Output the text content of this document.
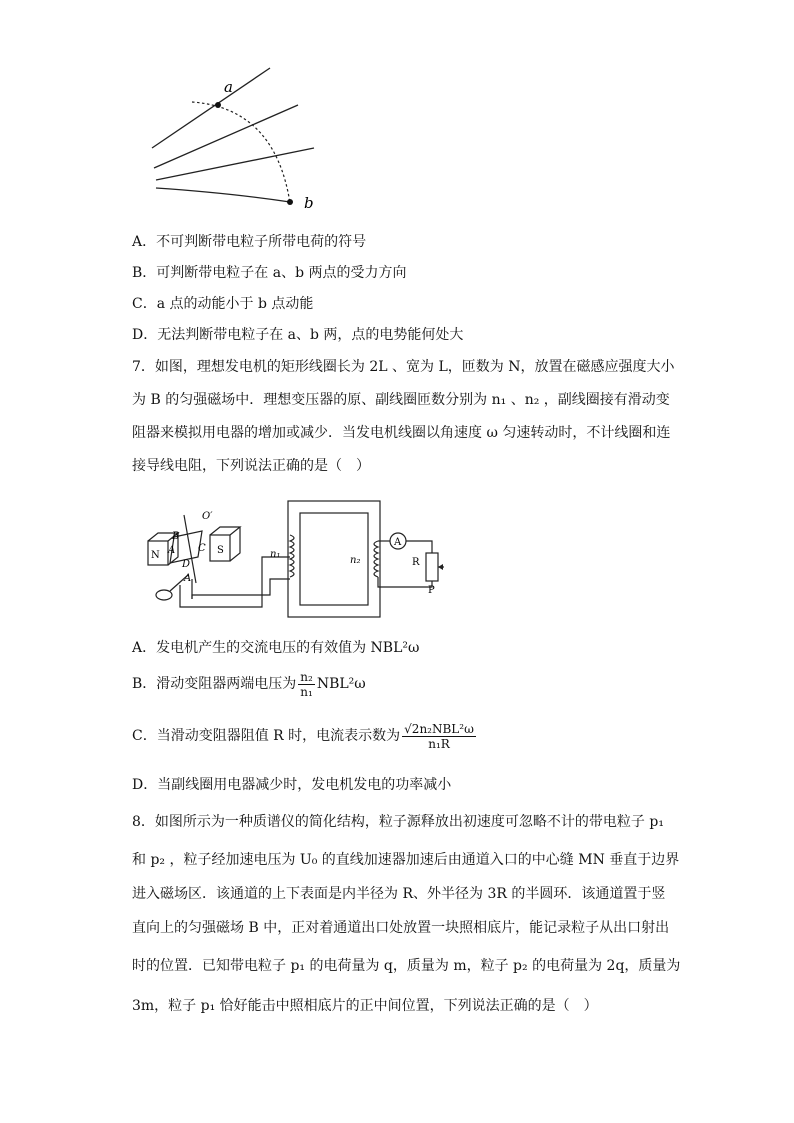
a
b
A．不可判断带电粒子所带电荷的符号
B．可判断带电粒子在 a、b 两点的受力方向
C．a 点的动能小于 b 点动能
D．无法判断带电粒子在 a、b 两，点的电势能何处大
7．如图，理想发电机的矩形线圈长为 2L 、宽为 L，匝数为 N，放置在磁感应强度大小
为 B 的匀强磁场中．理想变压器的原、副线圈匝数分别为 n₁ 、n₂ ，副线圈接有滑动变
阻器来模拟用电器的增加或减少．当发电机线圈以角速度 ω 匀速转动时，不计线圈和连
接导线电阻，下列说法正确的是（　）
N	S
O′
B
A C
D
A
n₁
n₂
A
R
P
A．发电机产生的交流电压的有效值为 NBL²ω
B．滑动变阻器两端电压为 $\frac{\text{n₂}}{\text{n₁}} NBL^2\omega$
C．当滑动变阻器阻值 R 时，电流表示数为 $\frac{\text{√2n₂NBL²ω}}{\text{n₁R}}$
D．当副线圈用电器减少时，发电机发电的功率减小
8．如图所示为一种质谱仪的简化结构，粒子源释放出初速度可忽略不计的带电粒子 p₁
和 p₂ ，粒子经加速电压为 U₀ 的直线加速器加速后由通道入口的中心缝 MN 垂直于边界
进入磁场区．该通道的上下表面是内半径为 R、外半径为 3R 的半圆环．该通道置于竖
直向上的匀强磁场 B 中，正对着通道出口处放置一块照相底片，能记录粒子从出口射出
时的位置．已知带电粒子 p₁ 的电荷量为 q，质量为 m，粒子 p₂ 的电荷量为 2q，质量为
3m，粒子 p₁ 恰好能击中照相底片的正中间位置，下列说法正确的是（　）
